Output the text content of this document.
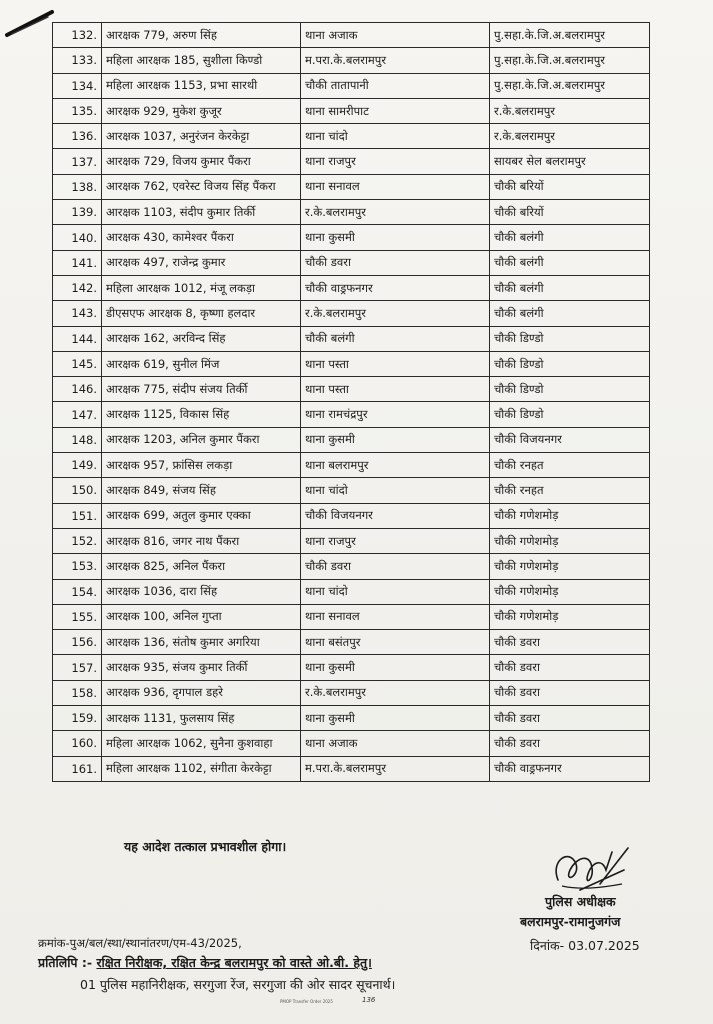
132.	आरक्षक 779, अरुण सिंह	थाना अजाक	पु.सहा.के.जि.अ.बलरामपुर
133.	महिला आरक्षक 185, सुशीला किण्डो	म.परा.के.बलरामपुर	पु.सहा.के.जि.अ.बलरामपुर
134.	महिला आरक्षक 1153, प्रभा सारथी	चौकी तातापानी	पु.सहा.के.जि.अ.बलरामपुर
135.	आरक्षक 929, मुकेश कुजूर	थाना सामरीपाट	र.के.बलरामपुर
136.	आरक्षक 1037, अनुरंजन केरकेट्टा	थाना चांदो	र.के.बलरामपुर
137.	आरक्षक 729, विजय कुमार पैंकरा	थाना राजपुर	सायबर सेल बलरामपुर
138.	आरक्षक 762, एवरेस्ट विजय सिंह पैंकरा	थाना सनावल	चौकी बरियों
139.	आरक्षक 1103, संदीप कुमार तिर्की	र.के.बलरामपुर	चौकी बरियों
140.	आरक्षक 430, कामेश्वर पैंकरा	थाना कुसमी	चौकी बलंगी
141.	आरक्षक 497, राजेन्द्र कुमार	चौकी डवरा	चौकी बलंगी
142.	महिला आरक्षक 1012, मंजू लकड़ा	चौकी वाड्रफनगर	चौकी बलंगी
143.	डीएसएफ आरक्षक 8, कृष्णा हलदार	र.के.बलरामपुर	चौकी बलंगी
144.	आरक्षक 162, अरविन्द सिंह	चौकी बलंगी	चौकी डिण्डो
145.	आरक्षक 619, सुनील मिंज	थाना पस्ता	चौकी डिण्डो
146.	आरक्षक 775, संदीप संजय तिर्की	थाना पस्ता	चौकी डिण्डो
147.	आरक्षक 1125, विकास सिंह	थाना रामचंद्रपुर	चौकी डिण्डो
148.	आरक्षक 1203, अनिल कुमार पैंकरा	थाना कुसमी	चौकी विजयनगर
149.	आरक्षक 957, फ्रांसिस लकड़ा	थाना बलरामपुर	चौकी रनहत
150.	आरक्षक 849, संजय सिंह	थाना चांदो	चौकी रनहत
151.	आरक्षक 699, अतुल कुमार एक्का	चौकी विजयनगर	चौकी गणेशमोड़
152.	आरक्षक 816, जगर नाथ पैंकरा	थाना राजपुर	चौकी गणेशमोड़
153.	आरक्षक 825, अनिल पैंकरा	चौकी डवरा	चौकी गणेशमोड़
154.	आरक्षक 1036, दारा सिंह	थाना चांदो	चौकी गणेशमोड़
155.	आरक्षक 100, अनिल गुप्ता	थाना सनावल	चौकी गणेशमोड़
156.	आरक्षक 136, संतोष कुमार अगरिया	थाना बसंतपुर	चौकी डवरा
157.	आरक्षक 935, संजय कुमार तिर्की	थाना कुसमी	चौकी डवरा
158.	आरक्षक 936, दृगपाल डहरे	र.के.बलरामपुर	चौकी डवरा
159.	आरक्षक 1131, फुलसाय सिंह	थाना कुसमी	चौकी डवरा
160.	महिला आरक्षक 1062, सुनैना कुशवाहा	थाना अजाक	चौकी डवरा
161.	महिला आरक्षक 1102, संगीता केरकेट्टा	म.परा.के.बलरामपुर	चौकी वाड्रफनगर
यह आदेश तत्काल प्रभावशील होगा।
पुलिस अधीक्षक
बलरामपुर-रामानुजगंज
दिनांक- 03.07.2025
क्रमांक-पुअ/बल/स्था/स्थानांतरण/एम-43/2025,
प्रतिलिपि :- रक्षित निरीक्षक, रक्षित केन्द्र बलरामपुर को वास्ते ओ.बी. हेतु।
01 पुलिस महानिरीक्षक, सरगुजा रेंज, सरगुजा की ओर सादर सूचनार्थ।
PMOP Transfer Order 2025	136
